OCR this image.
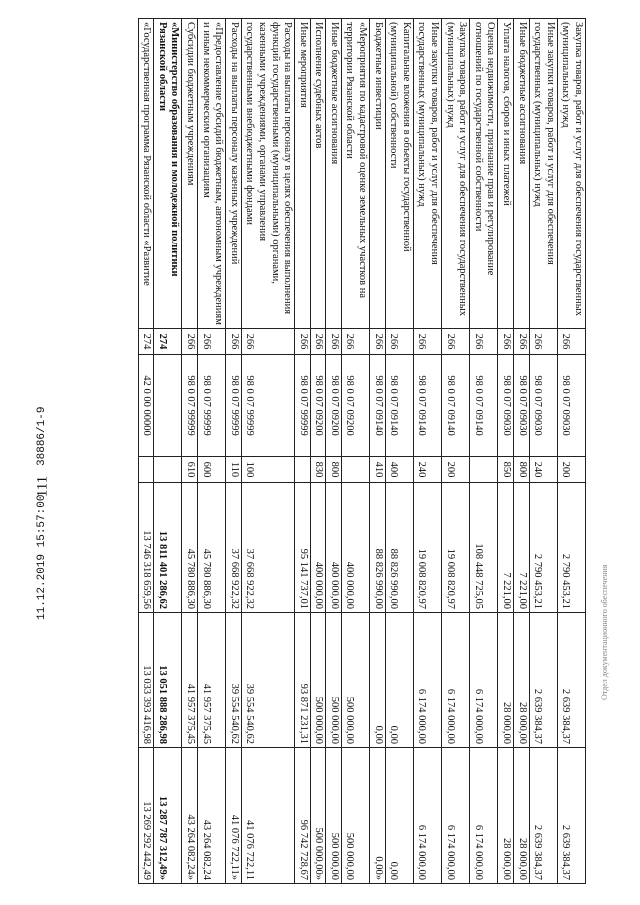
111
11.12.2019 15:57:00 38886/1-9
Отдел документационного обеспечения
Закупка товаров, работ и услуг для обеспечения государственных (муниципальных) нужд	266	98 0 07 09030	200	2 790 453,21	2 639 384,37	2 639 384,37
Иные закупки товаров, работ и услуг для обеспечения государственных (муниципальных) нужд	266	98 0 07 09030	240	2 790 453,21	2 639 384,37	2 639 384,37
Иные бюджетные ассигнования	266	98 0 07 09030	800	7 221,00	28 000,00	28 000,00
Уплата налогов, сборов и иных платежей	266	98 0 07 09030	850	7 221,00	28 000,00	28 000,00
Оценка недвижимости, признание прав и регулирование отношений по государственной собственности	266	98 0 07 09140		108 448 725,05	6 174 000,00	6 174 000,00
Закупка товаров, работ и услуг для обеспечения государственных (муниципальных) нужд	266	98 0 07 09140	200	19 008 820,97	6 174 000,00	6 174 000,00
Иные закупки товаров, работ и услуг для обеспечения государственных (муниципальных) нужд	266	98 0 07 09140	240	19 008 820,97	6 174 000,00	6 174 000,00
Капитальные вложения в объекты государственной (муниципальной) собственности	266	98 0 07 09140	400	88 826 990,00	0,00	0,00
Бюджетные инвестиции	266	98 0 07 09140	410	88 826 990,00	0,00	0,00»
«Мероприятия по кадастровой оценке земельных участков на территории Рязанской области	266	98 0 07 09200		400 000,00	500 000,00	500 000,00
Иные бюджетные ассигнования	266	98 0 07 09200	800	400 000,00	500 000,00	500 000,00
Исполнение судебных актов	266	98 0 07 09200	830	400 000,00	500 000,00	500 000,00»
Иные мероприятия	266	98 0 07 99999		95 141 737,01	93 871 231,31	96 742 728,67
Расходы на выплаты персоналу в целях обеспечения выполнения функций государственными (муниципальными) органами, казенными учреждениями, органами управления государственными внебюджетными фондами	266	98 0 07 99999	100	37 668 922,32	39 554 540,62	41 076 722,11
Расходы на выплаты персоналу казенных учреждений	266	98 0 07 99999	110	37 668 922,32	39 554 540,62	41 076 722,11»
«Предоставление субсидий бюджетным, автономным учреждениям и иным некоммерческим организациям	266	98 0 07 99999	600	45 780 886,30	41 957 375,45	43 264 082,24
Субсидии бюджетным учреждениям	266	98 0 07 99999	610	45 780 886,30	41 957 375,45	43 264 082,24»
«Министерство образования и молодежной политики Рязанской области	274			13 811 401 286,62	13 051 888 286,98	13 287 787 312,49»
«Государственная программа Рязанской области «Развитие	274	42 0 00 00000		13 746 318 659,56	13 033 393 416,98	13 269 292 442,49
